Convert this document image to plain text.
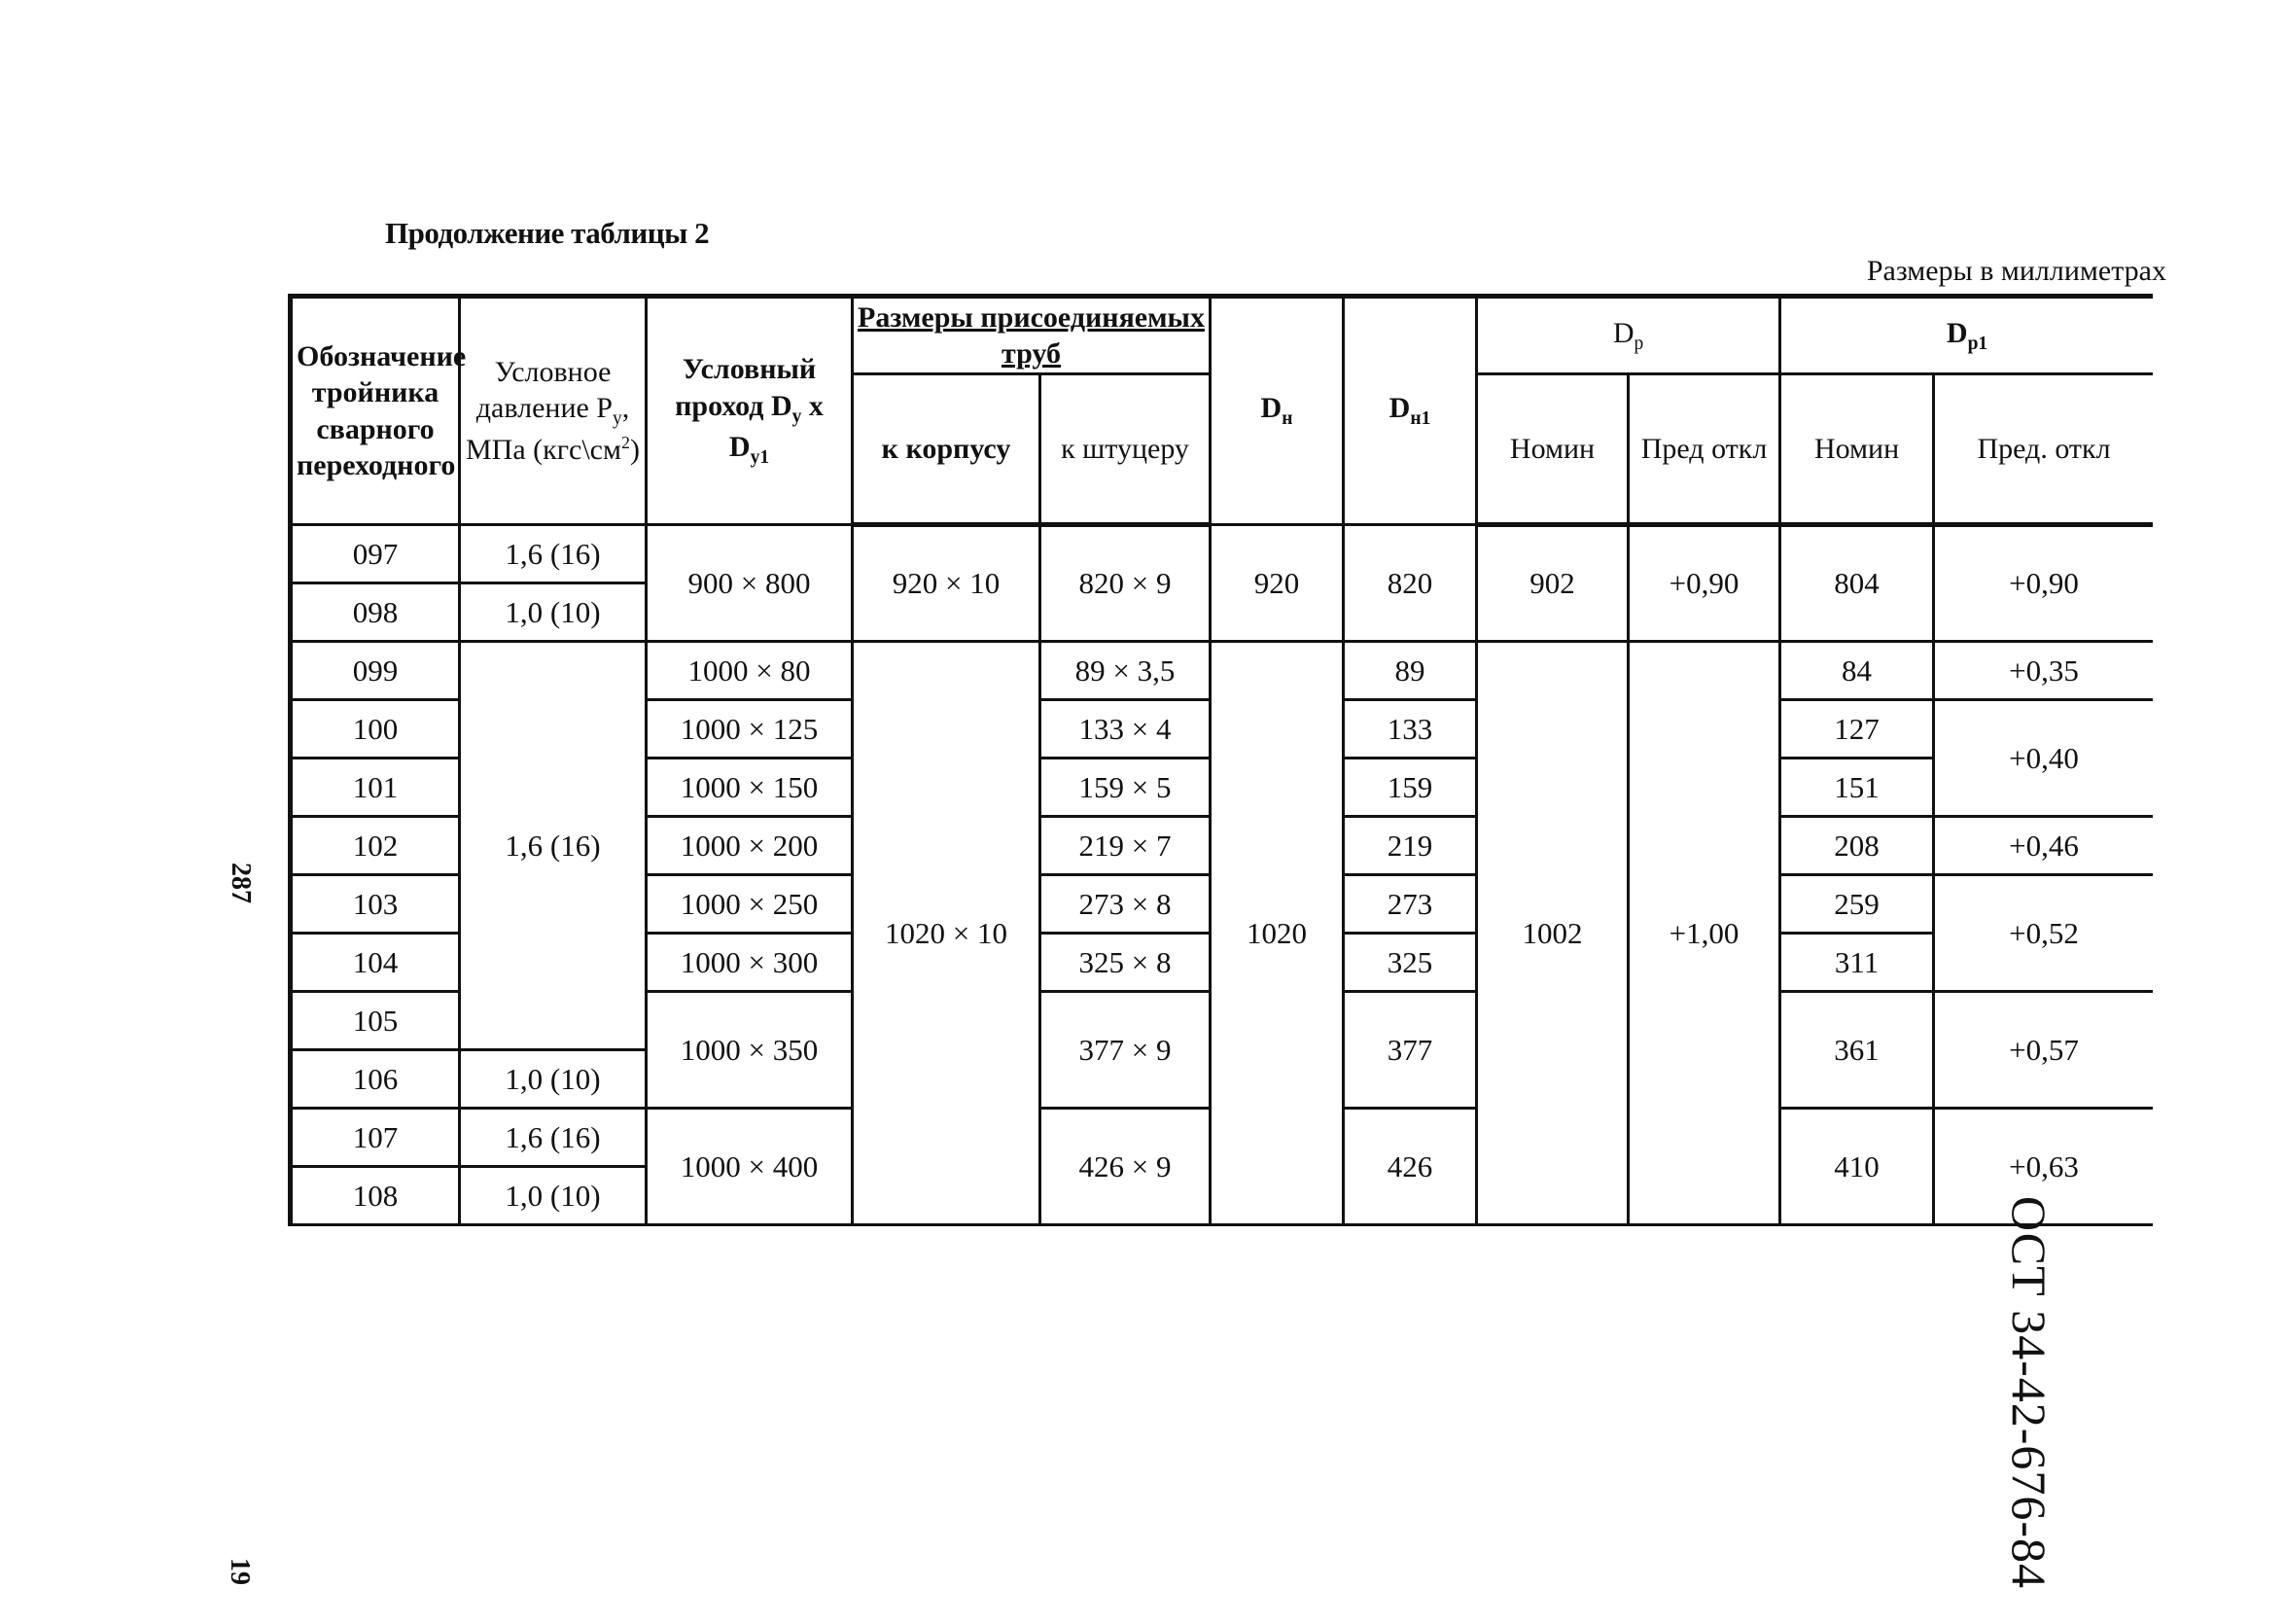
Продолжение таблицы 2
Размеры в миллиметрах
287
19	ОСТ 34-42-676-84
Обозначение тройника сварного переходного	Условное давление $P_y$, МПа $(кгс\backslash см^2)$	Условный проход $D_y$ x $D_{y1}$	Размеры присоединяемых труб		$D_н$	$D_{н1}$	$D_р$		$D_{р1}$
			к корпусу	к штуцеру			Номин	Пред откл	Номин	Пред. откл
097	1,6 (16)	900 × 800	920 × 10	820 × 9	920	820	902	+0,90	804	+0,90
098	1,0 (10)									
099	1,6 (16)	1000 × 80	1020 × 10	89 × 3,5	1020	89	1002	+1,00	84	+0,35
100		1000 × 125		133 × 4		133			127	+0,40
101		1000 × 150		159 × 5		159			151	
102		1000 × 200		219 × 7		219			208	+0,46
103		1000 × 250		273 × 8		273			259	+0,52
104		1000 × 300		325 × 8		325			311	
105		1000 × 350		377 × 9		377			361	+0,57
106	1,0 (10)									
107	1,6 (16)	1000 × 400		426 × 9		426			410	+0,63
108	1,0 (10)									
